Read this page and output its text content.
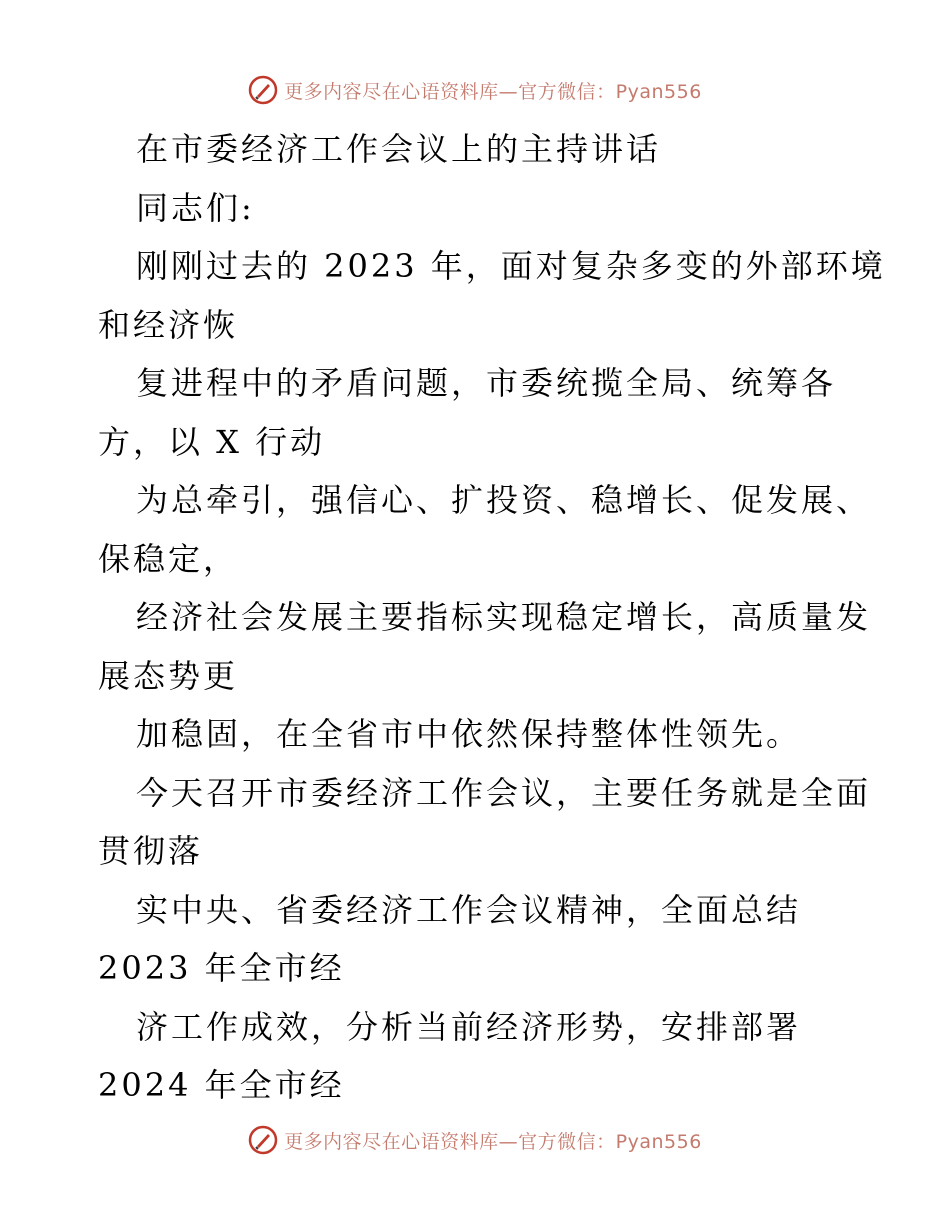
更多内容尽在心语资料库—官方微信：Pyan556
在市委经济工作会议上的主持讲话
同志们:
刚刚过去的 2023 年，面对复杂多变的外部环境
和经济恢
复进程中的矛盾问题，市委统揽全局、统筹各
方，以 X 行动
为总牵引，强信心、扩投资、稳增长、促发展、
保稳定，
经济社会发展主要指标实现稳定增长，高质量发
展态势更
加稳固，在全省市中依然保持整体性领先。
今天召开市委经济工作会议，主要任务就是全面
贯彻落
实中央、省委经济工作会议精神，全面总结
2023 年全市经
济工作成效，分析当前经济形势，安排部署
2024 年全市经
更多内容尽在心语资料库—官方微信：Pyan556
